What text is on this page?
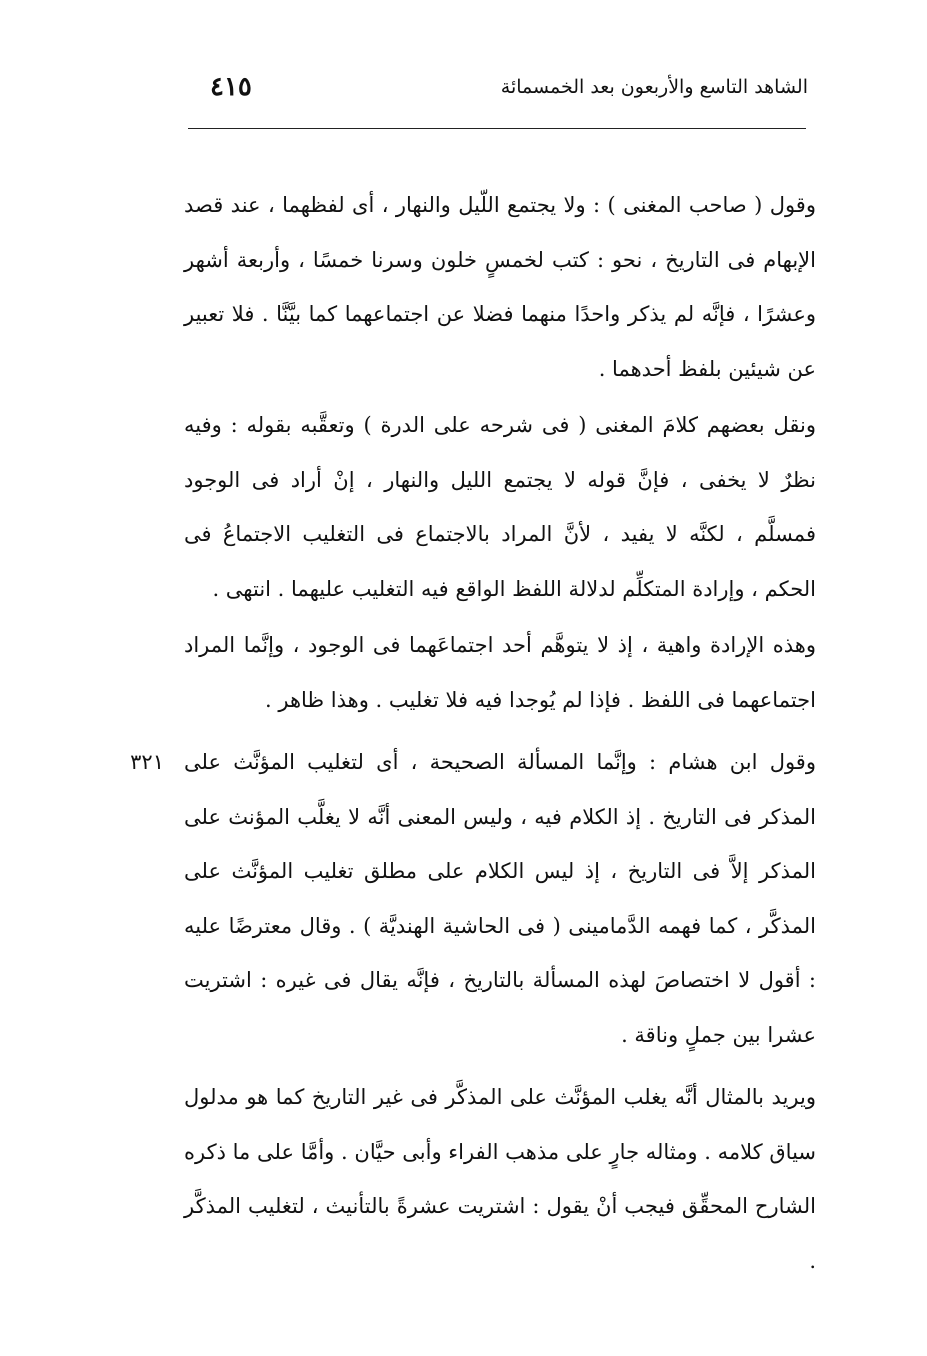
الشاهد التاسع والأربعون بعد الخمسمائة
٤١٥

وقول ( صاحب المغنى ) : ولا يجتمع اللّيل والنهار ، أى لفظهما ، عند قصد الإبهام فى التاريخ ، نحو : كتب لخمسٍ خلون وسرنا خمسًا ، وأربعة أشهر وعشرًا ، فإنَّه لم يذكر واحدًا منهما فضلا عن اجتماعهما كما بيَّنَّا . فلا تعبير عن شيئين بلفظ أحدهما .

ونقل بعضهم كلامَ المغنى ( فى شرحه على الدرة ) وتعقَّبه بقوله : وفيه نظرٌ لا يخفى ، فإنَّ قوله لا يجتمع الليل والنهار ، إنْ أراد فى الوجود فمسلَّم ، لكنَّه لا يفيد ، لأنَّ المراد بالاجتماع فى التغليب الاجتماعُ فى الحكم ، وإرادة المتكلِّم لدلالة اللفظ الواقع فيه التغليب عليهما . انتهى .

وهذه الإرادة واهية ، إذ لا يتوهَّم أحد اجتماعَهما فى الوجود ، وإنَّما المراد اجتماعهما فى اللفظ . فإذا لم يُوجدا فيه فلا تغليب . وهذا ظاهر .

٣٢١ وقول ابن هشام : وإنَّما المسألة الصحيحة ، أى لتغليب المؤنَّث على المذكر فى التاريخ . إذ الكلام فيه ، وليس المعنى أنَّه لا يغلَّب المؤنث على المذكر إلاَّ فى التاريخ ، إذ ليس الكلام على مطلق تغليب المؤنَّث على المذكَّر ، كما فهمه الدَّمامينى ( فى الحاشية الهنديَّة ) . وقال معترضًا عليه : أقول لا اختصاصَ لهذه المسألة بالتاريخ ، فإنَّه يقال فى غيره : اشتريت عشرا بين جملٍ وناقة .

ويريد بالمثال أنَّه يغلب المؤنَّث على المذكَّر فى غير التاريخ كما هو مدلول سياق كلامه . ومثاله جارٍ على مذهب الفراء وأبى حيَّان . وأمَّا على ما ذكره الشارح المحقِّق فيجب أنْ يقول : اشتريت عشرةً بالتأنيث ، لتغليب المذكَّر .
